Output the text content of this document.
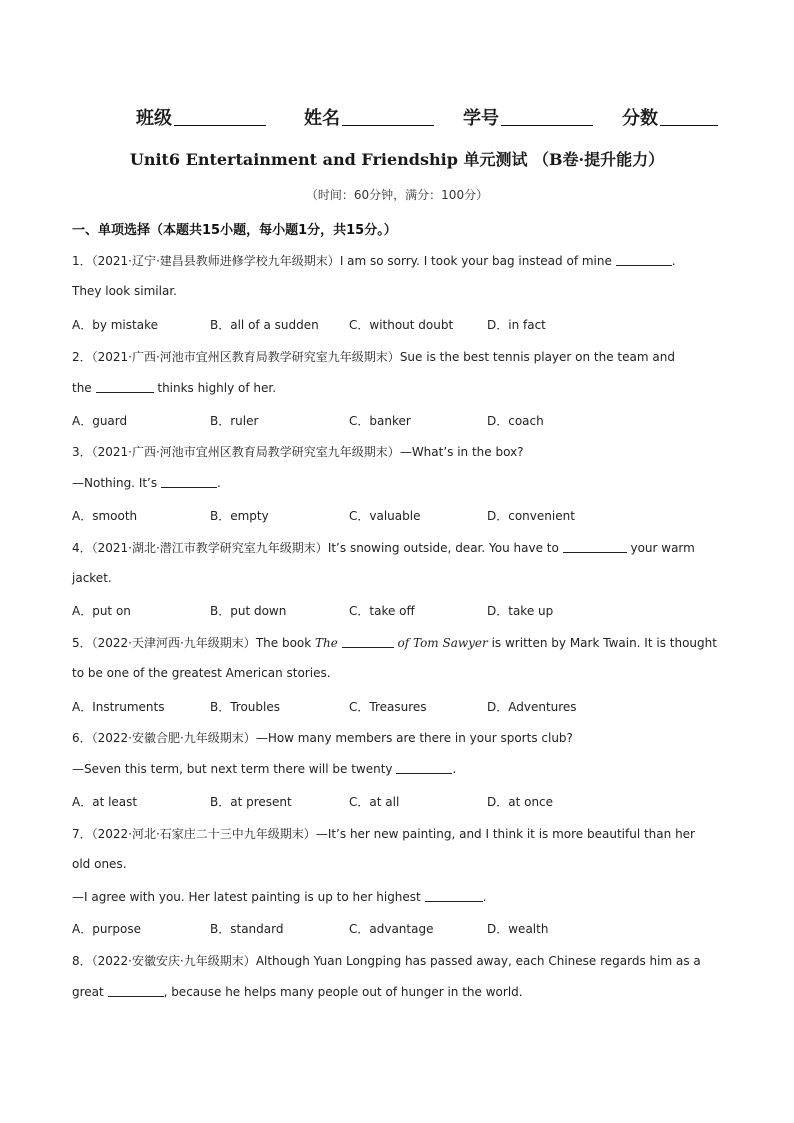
班级	姓名	学号	分数
Unit6 Entertainment and Friendship 单元测试 （B卷·提升能力）
（时间：60分钟，满分：100分）
一、单项选择（本题共15小题，每小题1分，共15分。）
1．（2021·辽宁·建昌县教师进修学校九年级期末）I am so sorry. I took your bag instead of mine	.
They look similar.
A．by mistake	B．all of a sudden	C．without doubt	D．in fact
2．（2021·广西·河池市宜州区教育局教学研究室九年级期末）Sue is the best tennis player on the team and
the	thinks highly of her.
A．guard	B．ruler	C．banker	D．coach
3．（2021·广西·河池市宜州区教育局教学研究室九年级期末）—What’s in the box?
—Nothing. It’s	.
A．smooth	B．empty	C．valuable	D．convenient
4．（2021·湖北·潜江市教学研究室九年级期末）It’s snowing outside, dear. You have to	your warm
jacket.
A．put on	B．put down	C．take off	D．take up
5．（2022·天津河西·九年级期末）The book The	of Tom Sawyer is written by Mark Twain. It is thought
to be one of the greatest American stories.
A．Instruments	B．Troubles	C．Treasures	D．Adventures
6．（2022·安徽合肥·九年级期末）—How many members are there in your sports club?
—Seven this term, but next term there will be twenty	.
A．at least	B．at present	C．at all	D．at once
7．（2022·河北·石家庄二十三中九年级期末）—It’s her new painting, and I think it is more beautiful than her
old ones.
—I agree with you. Her latest painting is up to her highest	.
A．purpose	B．standard	C．advantage	D．wealth
8．（2022·安徽安庆·九年级期末）Although Yuan Longping has passed away, each Chinese regards him as a
great	, because he helps many people out of hunger in the world.
